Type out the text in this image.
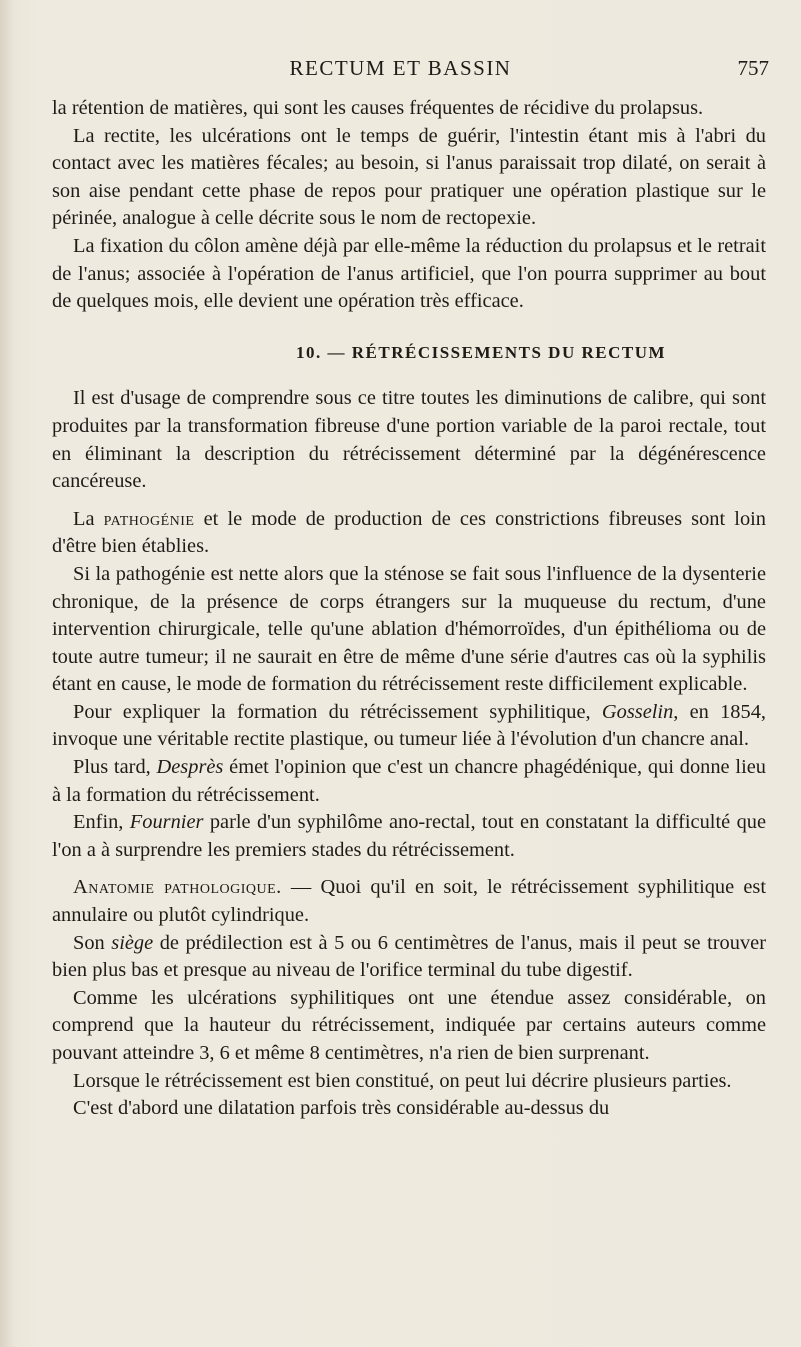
RECTUM ET BASSIN	757

la rétention de matières, qui sont les causes fréquentes de récidive du prolapsus.

La rectite, les ulcérations ont le temps de guérir, l'intestin étant mis à l'abri du contact avec les matières fécales; au besoin, si l'anus paraissait trop dilaté, on serait à son aise pendant cette phase de repos pour pratiquer une opération plastique sur le périnée, analogue à celle décrite sous le nom de rectopexie.

La fixation du côlon amène déjà par elle-même la réduction du prolapsus et le retrait de l'anus; associée à l'opération de l'anus artificiel, que l'on pourra supprimer au bout de quelques mois, elle devient une opération très efficace.

10. — RÉTRÉCISSEMENTS DU RECTUM

Il est d'usage de comprendre sous ce titre toutes les diminutions de calibre, qui sont produites par la transformation fibreuse d'une portion variable de la paroi rectale, tout en éliminant la description du rétrécissement déterminé par la dégénérescence cancéreuse.

La pathogénie et le mode de production de ces constrictions fibreuses sont loin d'être bien établies.

Si la pathogénie est nette alors que la sténose se fait sous l'influence de la dysenterie chronique, de la présence de corps étrangers sur la muqueuse du rectum, d'une intervention chirurgicale, telle qu'une ablation d'hémorroïdes, d'un épithélioma ou de toute autre tumeur; il ne saurait en être de même d'une série d'autres cas où la syphilis étant en cause, le mode de formation du rétrécissement reste difficilement explicable.

Pour expliquer la formation du rétrécissement syphilitique, Gosselin, en 1854, invoque une véritable rectite plastique, ou tumeur liée à l'évolution d'un chancre anal.

Plus tard, Desprès émet l'opinion que c'est un chancre phagédénique, qui donne lieu à la formation du rétrécissement.

Enfin, Fournier parle d'un syphilôme ano-rectal, tout en constatant la difficulté que l'on a à surprendre les premiers stades du rétrécissement.

Anatomie pathologique. — Quoi qu'il en soit, le rétrécissement syphilitique est annulaire ou plutôt cylindrique.

Son siège de prédilection est à 5 ou 6 centimètres de l'anus, mais il peut se trouver bien plus bas et presque au niveau de l'orifice terminal du tube digestif.

Comme les ulcérations syphilitiques ont une étendue assez considérable, on comprend que la hauteur du rétrécissement, indiquée par certains auteurs comme pouvant atteindre 3, 6 et même 8 centimètres, n'a rien de bien surprenant.

Lorsque le rétrécissement est bien constitué, on peut lui décrire plusieurs parties.

C'est d'abord une dilatation parfois très considérable au-dessus du
